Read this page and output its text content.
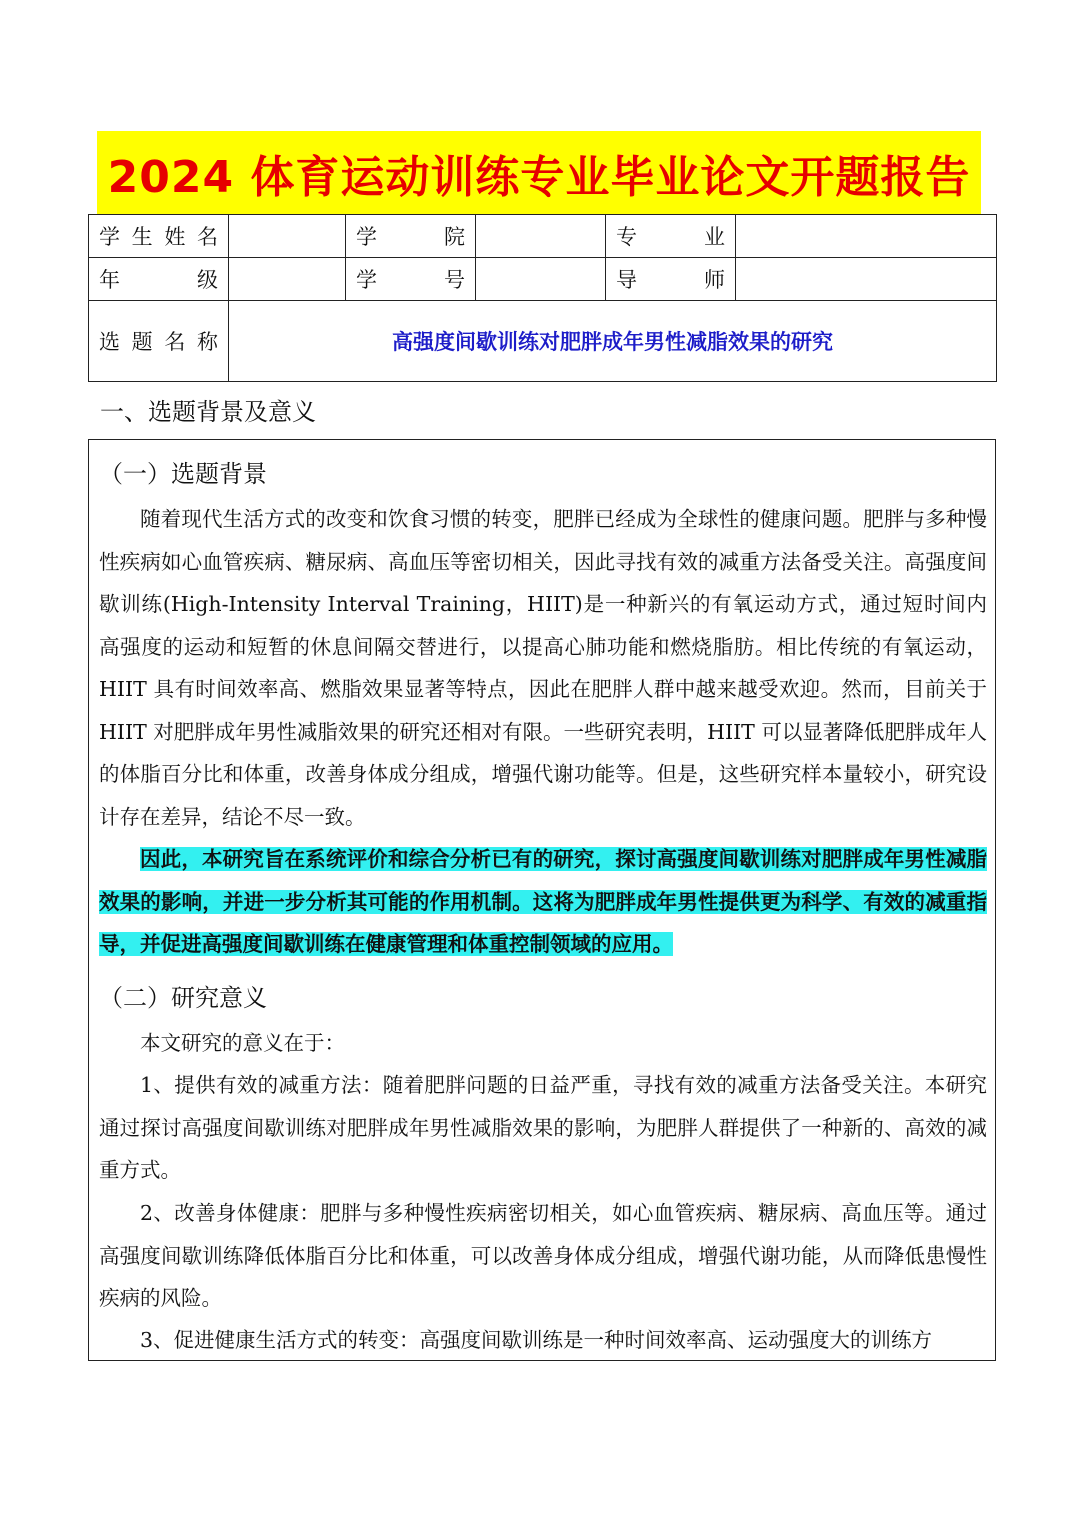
2024 体育运动训练专业毕业论文开题报告
学 生 姓 名		学 院		专 业	

年 级		学 号		导 师	

选 题 名 称	高强度间歇训练对肥胖成年男性减脂效果的研究				
一、选题背景及意义
（一）选题背景
随着现代生活方式的改变和饮食习惯的转变，肥胖已经成为全球性的健康问题。肥胖与多种慢性疾病如心血管疾病、糖尿病、高血压等密切相关，因此寻找有效的减重方法备受关注。高强度间歇训练(High-Intensity Interval Training，HIIT)是一种新兴的有氧运动方式，通过短时间内高强度的运动和短暂的休息间隔交替进行，以提高心肺功能和燃烧脂肪。相比传统的有氧运动，HIIT 具有时间效率高、燃脂效果显著等特点，因此在肥胖人群中越来越受欢迎。然而，目前关于 HIIT 对肥胖成年男性减脂效果的研究还相对有限。一些研究表明，HIIT 可以显著降低肥胖成年人的体脂百分比和体重，改善身体成分组成，增强代谢功能等。但是，这些研究样本量较小，研究设计存在差异，结论不尽一致。
因此，本研究旨在系统评价和综合分析已有的研究，探讨高强度间歇训练对肥胖成年男性减脂效果的影响，并进一步分析其可能的作用机制。这将为肥胖成年男性提供更为科学、有效的减重指导，并促进高强度间歇训练在健康管理和体重控制领域的应用。
（二）研究意义
本文研究的意义在于：
1、提供有效的减重方法：随着肥胖问题的日益严重，寻找有效的减重方法备受关注。本研究通过探讨高强度间歇训练对肥胖成年男性减脂效果的影响，为肥胖人群提供了一种新的、高效的减重方式。
2、改善身体健康：肥胖与多种慢性疾病密切相关，如心血管疾病、糖尿病、高血压等。通过高强度间歇训练降低体脂百分比和体重，可以改善身体成分组成，增强代谢功能，从而降低患慢性疾病的风险。
3、促进健康生活方式的转变：高强度间歇训练是一种时间效率高、运动强度大的训练方
